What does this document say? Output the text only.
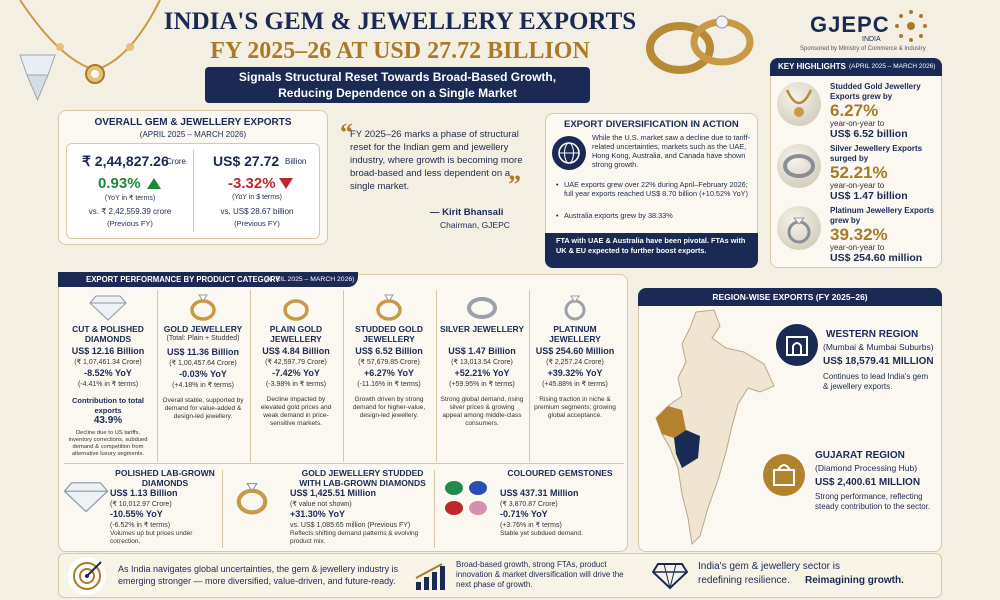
INDIA'S GEM & JEWELLERY EXPORTS
FY 2025–26 AT USD 27.72 BILLION
Signals Structural Reset Towards Broad-Based Growth,
Reducing Dependence on a Single Market
GJEPC
INDIA
Sponsored by Ministry of Commerce & Industry
OVERALL GEM & JEWELLERY EXPORTS
(APRIL 2025 – MARCH 2026)
₹ 2,44,827.26
Crore
0.93%
(YoY in ₹ terms)
vs. ₹ 2,42,559.39 crore
(Previous FY)
US$ 27.72 Billion
-3.32%
(YoY in $ terms)
vs. US$ 28.67 billion
(Previous FY)
“
FY 2025–26 marks a phase of structural reset for the Indian gem and jewellery industry, where growth is becoming more broad-based and less dependent on a single market.	”
— Kirit Bhansali
Chairman, GJEPC
EXPORT DIVERSIFICATION IN ACTION
While the U.S. market saw a decline due to tariff-related uncertainties, markets such as the UAE, Hong Kong, Australia, and Canada have shown strong growth.
• UAE exports grew over 22% during April–February 2026; full year exports reached US$ 8.70 billion (+10.52% YoY)
• Australia exports grew by 38.33%
FTA with UAE & Australia have been pivotal. FTAs with UK & EU expected to further boost exports.
KEY HIGHLIGHTS (APRIL 2025 – MARCH 2026)
Studded Gold Jewellery Exports grew by
6.27%
year-on-year to
US$ 6.52 billion
Silver Jewellery Exports surged by
52.21%
year-on-year to
US$ 1.47 billion
Platinum Jewellery Exports grew by
39.32%
year-on-year to
US$ 254.60 million
EXPORT PERFORMANCE BY PRODUCT CATEGORY
(APRIL 2025 – MARCH 2026)
CUT & POLISHED DIAMONDS
US$ 12.16 Billion
(₹ 1,07,461.34 Crore)
-8.52% YoY
(-4.41% in ₹ terms)
Contribution to total exports
43.9%
Decline due to US tariffs, inventory corrections, subdued demand & competition from alternative luxury segments.
GOLD JEWELLERY
(Total: Plain + Studded)
US$ 11.36 Billion
(₹ 1,00,457.64 Crore)
-0.03% YoY
(+4.18% in ₹ terms)
Overall stable, supported by demand for value-added & design-led jewellery.
PLAIN GOLD JEWELLERY
US$ 4.84 Billion
(₹ 42,597.79 Crore)
-7.42% YoY
(-3.98% in ₹ terms)
Decline impacted by elevated gold prices and weak demand in price-sensitive markets.
STUDDED GOLD JEWELLERY
US$ 6.52 Billion
(₹ 57,679.85 Crore)
+6.27% YoY
(-11.16% in ₹ terms)
Growth driven by strong demand for higher-value, design-led jewellery.
SILVER JEWELLERY
US$ 1.47 Billion
(₹ 13,013.54 Crore)
+52.21% YoY
(+59.95% in ₹ terms)
Strong global demand, rising silver prices & growing appeal among middle-class consumers.
PLATINUM JEWELLERY
US$ 254.60 Million
(₹ 2,257.24 Crore)
+39.32% YoY
(+45.88% in ₹ terms)
Rising traction in niche & premium segments; growing global acceptance.
POLISHED LAB-GROWN DIAMONDS
US$ 1.13 Billion
(₹ 10,012.97 Crore)
-10.55% YoY
(-6.52% in ₹ terms)
Volumes up but prices under correction.
GOLD JEWELLERY STUDDED WITH LAB-GROWN DIAMONDS
US$ 1,425.51 Million
(₹ value not shown)
+31.30% YoY
vs. US$ 1,085.65 million (Previous FY)
Reflects shifting demand patterns & evolving product mix.
COLOURED GEMSTONES
US$ 437.31 Million
(₹ 3,870.87 Crore)
-0.71% YoY
(+3.76% in ₹ terms)
Stable yet subdued demand.
REGION-WISE EXPORTS (FY 2025–26)
WESTERN REGION
(Mumbai & Mumbai Suburbs)
US$ 18,579.41 MILLION
Continues to lead India's gem & jewellery exports.
GUJARAT REGION
(Diamond Processing Hub)
US$ 2,400.61 MILLION
Strong performance, reflecting steady contribution to the sector.
As India navigates global uncertainties, the gem & jewellery industry is
emerging stronger — more diversified, value-driven, and future-ready.
Broad-based growth, strong FTAs, product innovation & market diversification will drive the next phase of growth.
India's gem & jewellery sector is
redefining resilience. Reimagining growth.
